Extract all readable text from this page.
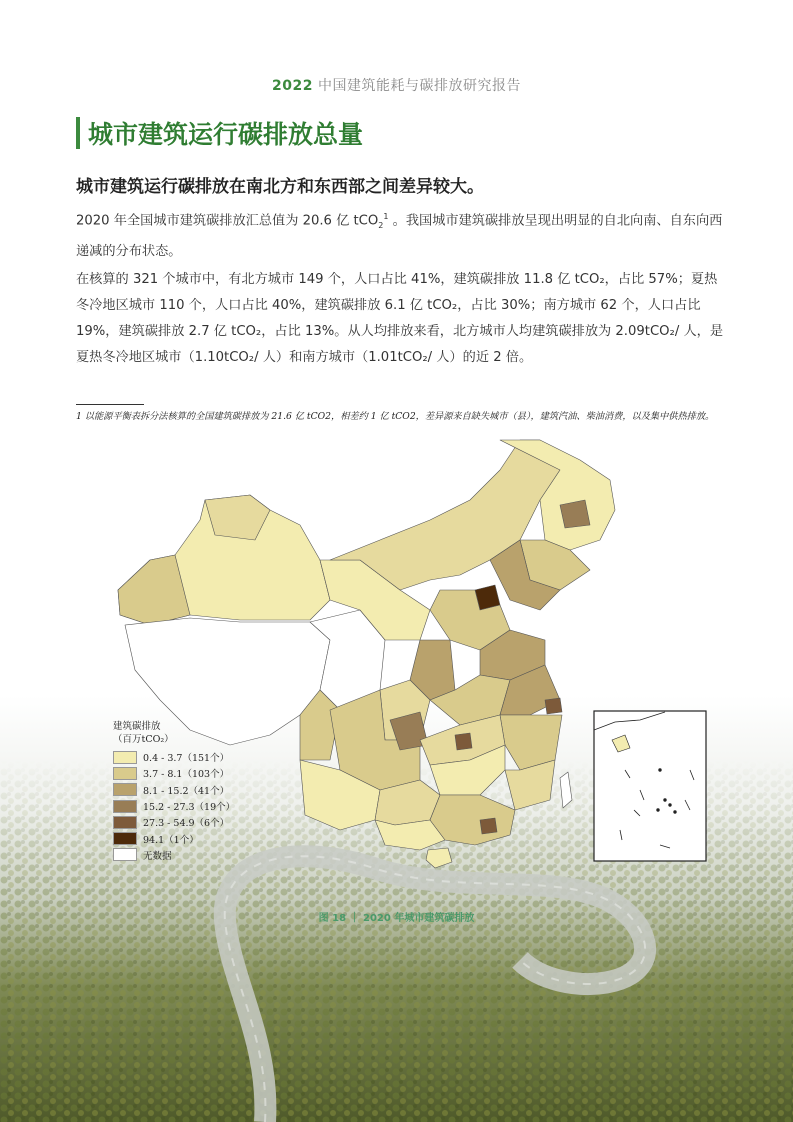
2022 中国建筑能耗与碳排放研究报告
城市建筑运行碳排放总量
城市建筑运行碳排放在南北方和东西部之间差异较大。
2020 年全国城市建筑碳排放汇总值为 20.6 亿 tCO$_2^1$ 。我国城市建筑碳排放呈现出明显的自北向南、自东向西递减的分布状态。
在核算的 321 个城市中，有北方城市 149 个，人口占比 41%，建筑碳排放 11.8 亿 tCO₂，占比 57%；夏热冬冷地区城市 110 个，人口占比 40%，建筑碳排放 6.1 亿 tCO₂，占比 30%；南方城市 62 个，人口占比 19%，建筑碳排放 2.7 亿 tCO₂，占比 13%。从人均排放来看，北方城市人均建筑碳排放为 2.09tCO₂/ 人，是夏热冬冷地区城市（1.10tCO₂/ 人）和南方城市（1.01tCO₂/ 人）的近 2 倍。
1 以能源平衡表拆分法核算的全国建筑碳排放为 21.6 亿 tCO2，相差约 1 亿 tCO2，差异源来自缺失城市（县），建筑汽油、柴油消费，以及集中供热排放。
建筑碳排放
（百万tCO₂）
0.4 - 3.7（151个）
3.7 - 8.1（103个）
8.1 - 15.2（41个）
15.2 - 27.3（19个）
27.3 - 54.9（6个）
94.1（1个）
无数据
图 18 ｜ 2020 年城市建筑碳排放
